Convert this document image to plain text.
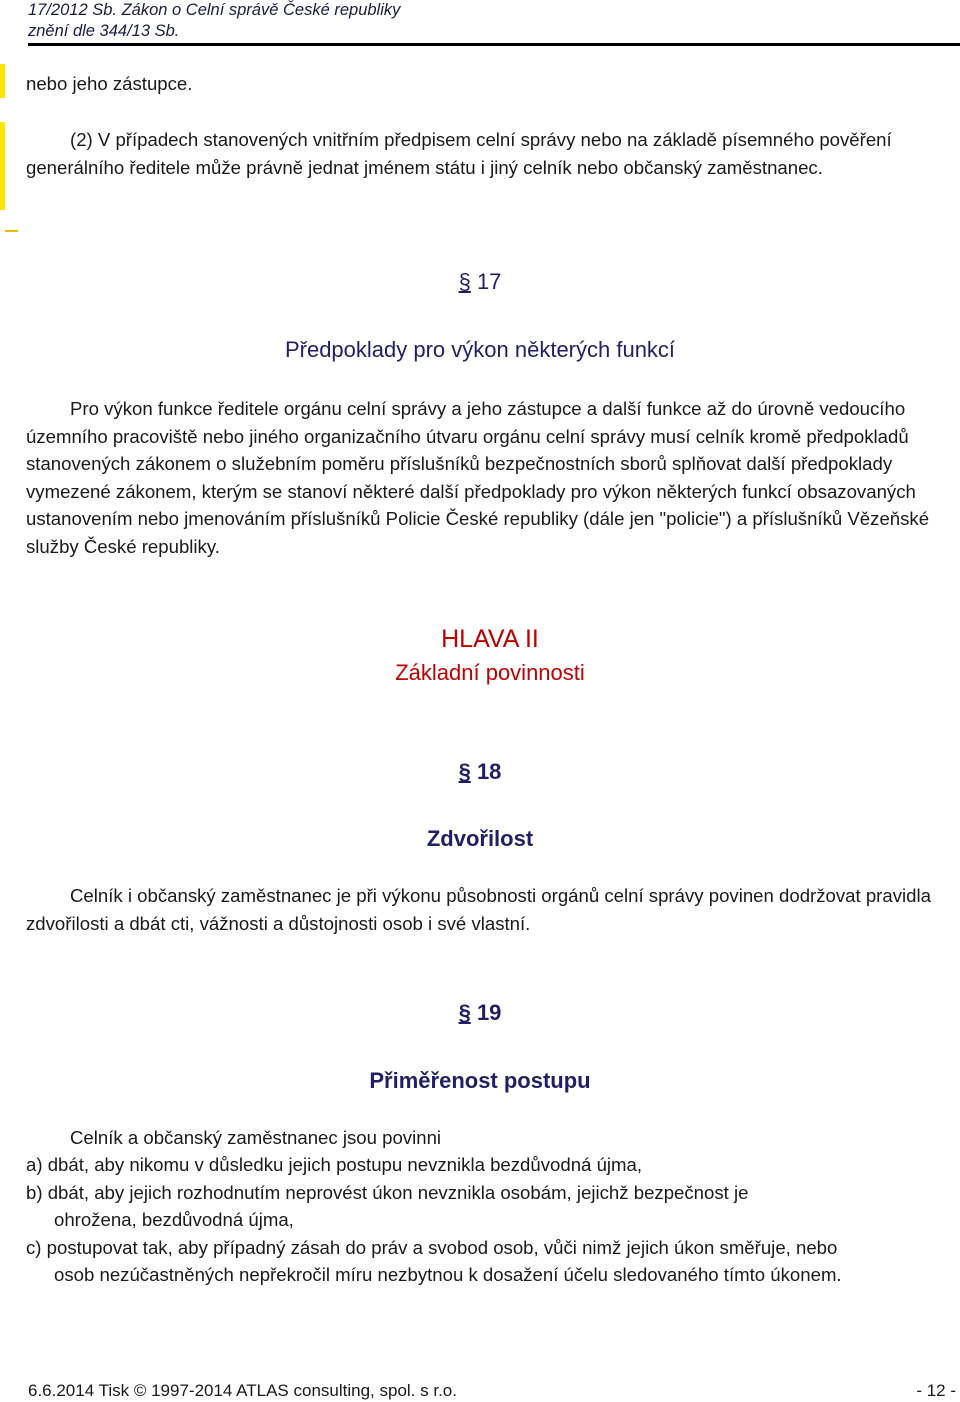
17/2012 Sb. Zákon o Celní správě České republiky
znění dle 344/13 Sb.
nebo jeho zástupce.
(2) V případech stanovených vnitřním předpisem celní správy nebo na základě písemného pověření generálního ředitele může právně jednat jménem státu i jiný celník nebo občanský zaměstnanec.
§ 17
Předpoklady pro výkon některých funkcí
Pro výkon funkce ředitele orgánu celní správy a jeho zástupce a další funkce až do úrovně vedoucího územního pracoviště nebo jiného organizačního útvaru orgánu celní správy musí celník kromě předpokladů stanovených zákonem o služebním poměru příslušníků bezpečnostních sborů splňovat další předpoklady vymezené zákonem, kterým se stanoví některé další předpoklady pro výkon některých funkcí obsazovaných ustanovením nebo jmenováním příslušníků Policie České republiky (dále jen "policie") a příslušníků Vězeňské služby České republiky.
HLAVA II
Základní povinnosti
§ 18
Zdvořilost
Celník i občanský zaměstnanec je při výkonu působnosti orgánů celní správy povinen dodržovat pravidla zdvořilosti a dbát cti, vážnosti a důstojnosti osob i své vlastní.
§ 19
Přiměřenost postupu
Celník a občanský zaměstnanec jsou povinni
a) dbát, aby nikomu v důsledku jejich postupu nevznikla bezdůvodná újma,
b) dbát, aby jejich rozhodnutím neprovést úkon nevznikla osobám, jejichž bezpečnost je
ohrožena, bezdůvodná újma,
c) postupovat tak, aby případný zásah do práv a svobod osob, vůči nimž jejich úkon směřuje, nebo
osob nezúčastněných nepřekročil míru nezbytnou k dosažení účelu sledovaného tímto úkonem.
6.6.2014 Tisk © 1997-2014 ATLAS consulting, spol. s r.o.	- 12 -
